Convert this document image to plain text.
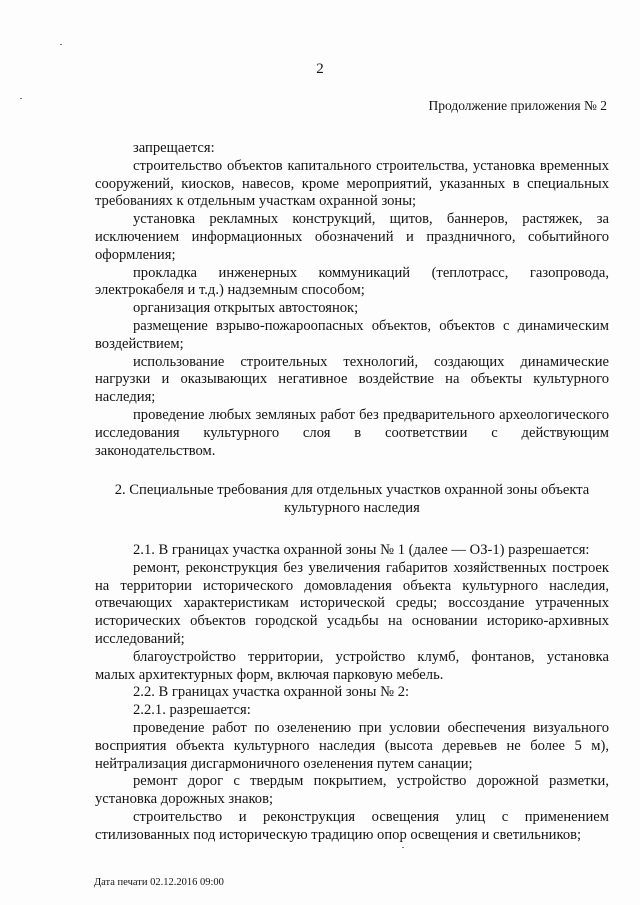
2
Продолжение приложения № 2

запрещается:

строительство объектов капитального строительства, установка временных сооружений, киосков, навесов, кроме мероприятий, указанных в специальных требованиях к отдельным участкам охранной зоны;

установка рекламных конструкций, щитов, баннеров, растяжек, за исключением информационных обозначений и праздничного, событийного оформления;

прокладка инженерных коммуникаций (теплотрасс, газопровода, электрокабеля и т.д.) надземным способом;

организация открытых автостоянок;

размещение взрыво-пожароопасных объектов, объектов с динамическим воздействием;

использование строительных технологий, создающих динамические нагрузки и оказывающих негативное воздействие на объекты культурного наследия;

проведение любых земляных работ без предварительного археологического исследования культурного слоя в соответствии с действующим законодательством.

2. Специальные требования для отдельных участков охранной зоны объекта культурного наследия

2.1. В границах участка охранной зоны № 1 (далее — ОЗ-1) разрешается:

ремонт, реконструкция без увеличения габаритов хозяйственных построек на территории исторического домовладения объекта культурного наследия, отвечающих характеристикам исторической среды; воссоздание утраченных исторических объектов городской усадьбы на основании историко-архивных исследований;

благоустройство территории, устройство клумб, фонтанов, установка малых архитектурных форм, включая парковую мебель.

2.2. В границах участка охранной зоны № 2:

2.2.1. разрешается:

проведение работ по озеленению при условии обеспечения визуального восприятия объекта культурного наследия (высота деревьев не более 5 м), нейтрализация дисгармоничного озеленения путем санации;

ремонт дорог с твердым покрытием, устройство дорожной разметки, установка дорожных знаков;

строительство и реконструкция освещения улиц с применением стилизованных под историческую традицию опор освещения и светильников;

Дата печати 02.12.2016 09:00
